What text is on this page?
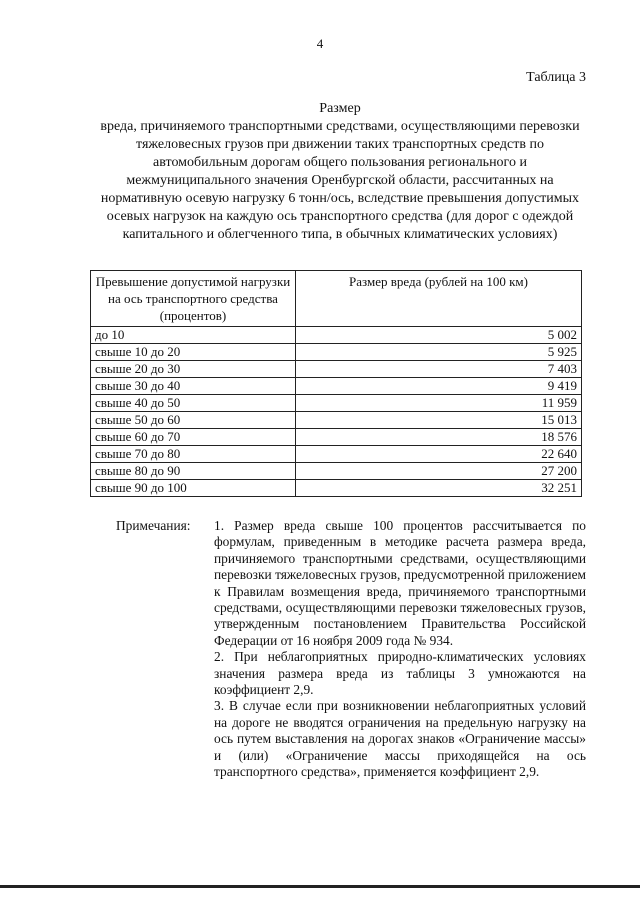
4
Таблица 3
Размер
вреда, причиняемого транспортными средствами, осуществляющими перевозки тяжеловесных грузов при движении таких транспортных средств по автомобильным дорогам общего пользования регионального и межмуниципального значения Оренбургской области, рассчитанных на нормативную осевую нагрузку 6 тонн/ось, вследствие превышения допустимых осевых нагрузок на каждую ось транспортного средства (для дорог с одеждой капитального и облегченного типа, в обычных климатических условиях)
Превышение допустимой нагрузки на ось транспортного средства (процентов)	Размер вреда (рублей на 100 км)
до 10	5 002
свыше 10 до 20	5 925
свыше 20 до 30	7 403
свыше 30 до 40	9 419
свыше 40 до 50	11 959
свыше 50 до 60	15 013
свыше 60 до 70	18 576
свыше 70 до 80	22 640
свыше 80 до 90	27 200
свыше 90 до 100	32 251
Примечания: 1. Размер вреда свыше 100 процентов рассчитывается по формулам, приведенным в методике расчета размера вреда, причиняемого транспортными средствами, осуществляющими перевозки тяжеловесных грузов, предусмотренной приложением к Правилам возмещения вреда, причиняемого транспортными средствами, осуществляющими перевозки тяжеловесных грузов, утвержденным постановлением Правительства Российской Федерации от 16 ноября 2009 года № 934.

2. При неблагоприятных природно-климатических условиях значения размера вреда из таблицы 3 умножаются на коэффициент 2,9.

3. В случае если при возникновении неблагоприятных условий на дороге не вводятся ограничения на предельную нагрузку на ось путем выставления на дорогах знаков «Ограничение массы» и (или) «Ограничение массы приходящейся на ось транспортного средства», применяется коэффициент 2,9.
